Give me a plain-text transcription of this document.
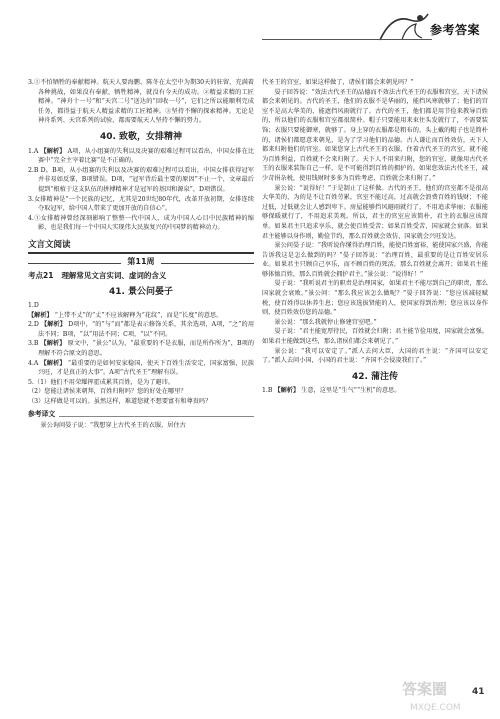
参考答案

3.①不怕牺牲的奉献精神。航天人要海鹏、陈冬在太空中为期30天的驻留，充满着各种挑战，如果没有奉献、牺牲精神，就没有今天的成功。②精益求精的工匠精神。“神舟十一号”和“天宫二号”送达的“回收一号”，它们之所以能顺利完成任务，都得益于航天人精益求精的工匠精神。③坚持不懈的探索精神。无论是神舟系列、天宫系列的试验，都需要航天人坚持不懈的努力。

40. 致敬，女排精神

1.A 【解析】 A项，从小组赛的失利以及决赛的艰难过程可以看出，中国女排在比赛中“完全主宰着比赛”是不正确的。

2.B D。B项，从小组赛的失利以及决赛的艰难过程可以看出，中国女排获得冠军并非易如反掌，B项错误。D项，“冠军背后最主要的原因”不止一个，文章最后提到“根植于这支队伍的拼搏精神才是冠军的基因和源泉”，D项错误。

3.女排精神是“一个民族的记忆，尤其是20世纪80年代，改革开放初期，女排连续夺取冠军，给中国人带来了更加开放的自信心”。

4.①女排精神曾经深刻影响了整整一代中国人，成为中国人心目中民族精神的缩影，也是我们每一个中国人实现伟大民族复兴的中国梦的精神动力。

文言文阅读
第11周
考点21 理解常见文言实词、虚词的含义
41. 景公问晏子

1.D

【解析】 “上带不丈”的“丈”不应该解释为“花纹”，而是“长度”的意思。

2.D 【解析】 D项中，“的”与“而”都是表示修饰关系，其余选项，A项，“之”的用法不同；B项，“以”用法不同；C项，“以”不同。

3.B 【解析】 原文中，“景公”认为，“最重要的不是衣服，而是所作所为”，B项的理解不符合原文的意思。

4.A 【解析】 “最重要的是如何安家稳国，使天下百姓生活安定，国家富强，民族兴旺，才是真正的大事”。A项“古代圣王”理解有误。

5.（1）他们不用荣耀挥霍成累其百姓，是为了避讳。

（2）您能让诸侯来朝拜，百姓归附吗？您的好处在哪里？

（3）这样做是可以的。虽然这样，难道您就不想要富有和尊贵吗？

参考译文

景公询问晏子说：“我想穿上古代圣王的衣服，居住古

代圣王的宫室，如果这样做了，诸侯们都会来朝见吗？”

晏子回答说：“效法古代圣王的品德而不效法古代圣王的衣服和宫室，天下诸侯都会来朝见的。古代的圣王，他们的衣服不是华丽的，能挡风寒就够了；他们的宫室不是高大华美的，能遮挡风雨就行了。古代的圣王，他们都是用节俭来教导百姓的，所以他们的衣服和宫室都很简朴。帽子只要能用来束住头发就行了，不需要装饰；衣服只要能御寒，就够了。身上穿的衣服都是粗布的，头上戴的帽子也是简朴的，诸侯们都愿意来朝见，是为了学习他们的品德。古人谦让而百姓效仿，天下人都来归附他们的官室。如果您穿上古代圣王的衣服，住着古代圣王的宫室，就不能为百姓利益，百姓就不会来归附了。天下人不用来归附，您的官室，就像用古代圣王的衣服来装饰自己一样，是不可能得到百姓的拥护的。如果您效法古代圣王，减少苛捐杂税，使用钱财时多多为百姓考虑，百姓就会来归附了。”

景公说：“说得好！”于是制止了这样做。古代的圣王，他们的宫室都不是很高大华美的，为的是不让百姓劳累。官室不能过高，过高就会浪费百姓的钱财；不能过低，过低就会让人感到卑下。房屋能够挡风避雨就行了，不用追求华丽；衣服能够保暖就行了，不用追求美观。所以，君主的官室应该简朴，君主的衣服应该简单。如果君主只追求享乐，就会使百姓受苦；如果百姓受苦，国家就会衰落。如果君主能够以身作则，勤俭节约，那么百姓就会效仿，国家就会兴旺发达。

景公问晏子说：“我听说你懂得治理百姓，能使百姓富裕，能使国家兴盛，你能告诉我这是怎么做到的吗？”晏子回答说：“治理百姓，最重要的是让百姓安居乐业。如果君主只顾自己享乐，而不顾百姓的死活，那么百姓就会离开；如果君主能够体恤百姓，那么百姓就会拥护君主。”景公说：“说得好！”

晏子说：“我听说君主的职责是治理国家，如果君主不能尽到自己的职责，那么国家就会衰败。”景公问：“那么我应该怎么做呢？”晏子回答说：“您应该减轻赋税，使百姓得以休养生息；您应该选拔贤能的人，使国家得到治理；您应该以身作则，使百姓效仿您的品德。”

景公说：“那么我就停止修建宫室吧。”

晏子说：“君主能宽厚待民，百姓就会归附；君主能节俭用度，国家就会富强。如果君主能做到这些，那么诸侯们都会来朝见了。”

景公说：“我可以安定了。”派人去问大臣，大国的君主说：“齐国可以安定了。”派人去问小国，小国的君主说：“齐国不会侵凌我们了。”

42. 蒲注传

1.B 【解析】 生意，这里是“生气”“生机”的意思。

答案圈
MXQE.COM
41
